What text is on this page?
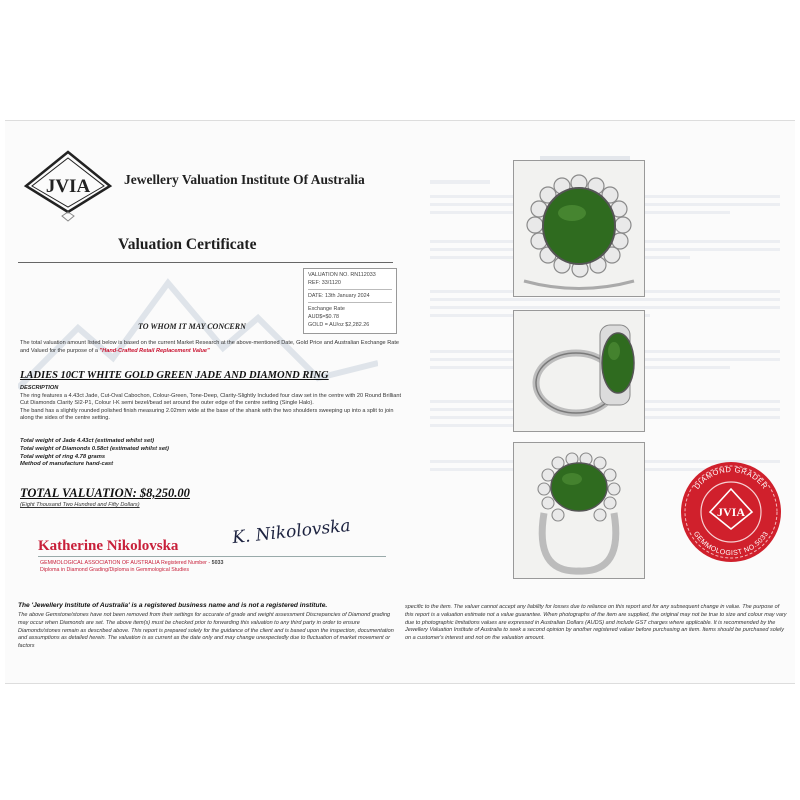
JVIA	Jewellery Valuation Institute Of Australia
Valuation Certificate
VALUATION NO. RN112033
REF: 33/1120
DATE: 13th January 2024
Exchange Rate
AUD$=$0.78
GOLD = AU/oz $2,282.26
TO WHOM IT MAY CONCERN
The total valuation amount listed below is based on the current Market Research at the above-mentioned Date, Gold Price and Australian Exchange Rate and Valued for the purpose of a "Hand-Crafted Retail Replacement Value"
LADIES 10CT WHITE GOLD GREEN JADE AND DIAMOND RING
DESCRIPTION
The ring features a 4.43ct Jade, Cut-Oval Cabochon, Colour-Green, Tone-Deep, Clarity-Slightly Included four claw set in the centre with 20 Round Brilliant Cut Diamonds Clarity SI2-P1, Colour I-K semi bezel/bead set around the outer edge of the centre setting (Single Halo).
The band has a slightly rounded polished finish measuring 2.02mm wide at the base of the shank with the two shoulders sweeping up into a split to join along the sides of the centre setting.
Total weight of Jade 4.43ct (estimated whilst set)
Total weight of Diamonds 0.58ct (estimated whilst set)
Total weight of ring 4.78 grams
Method of manufacture hand-cast
TOTAL VALUATION: $8,250.00
(Eight Thousand Two Hundred and Fifty Dollars)
Katherine Nikolovska	K. Nikolovska
GEMMOLOGICAL ASSOCIATION OF AUSTRALIA Registered Number - 5033
Diploma in Diamond Grading/Diploma in Gemmological Studies
DIAMOND GRADER
GEMMOLOGIST NO.5033
JVIA
The 'Jewellery Institute of Australia' is a registered business name and is not a registered institute.
The above Gemstone/stones have not been removed from their settings for accurate of grade and weight assessment Discrepancies of Diamond grading may occur when Diamonds are set. The above item(s) must be checked prior to forwarding this valuation to any third party in order to ensure Diamonds/stones remain as described above. This report is prepared solely for the guidance of the client and is based upon the inspection, documentation and assumptions as detailed herein. The valuation is as current as the date only and may change unexpectedly due to fluctuation of market movement or factors
specific to the item. The valuer cannot accept any liability for losses due to reliance on this report and for any subsequent change in value. The purpose of this report is a valuation estimate not a value guarantee. When photographs of the item are supplied, the original may not be true to size and colour may vary due to photographic limitations values are expressed in Australian Dollars (AUDS) and include GST charges where applicable. It is recommended by the Jewellery Valuation Institute of Australia to seek a second opinion by another registered valuer before purchasing an item. Items should be purchased solely on a customer's interest and not on the valuation amount.
